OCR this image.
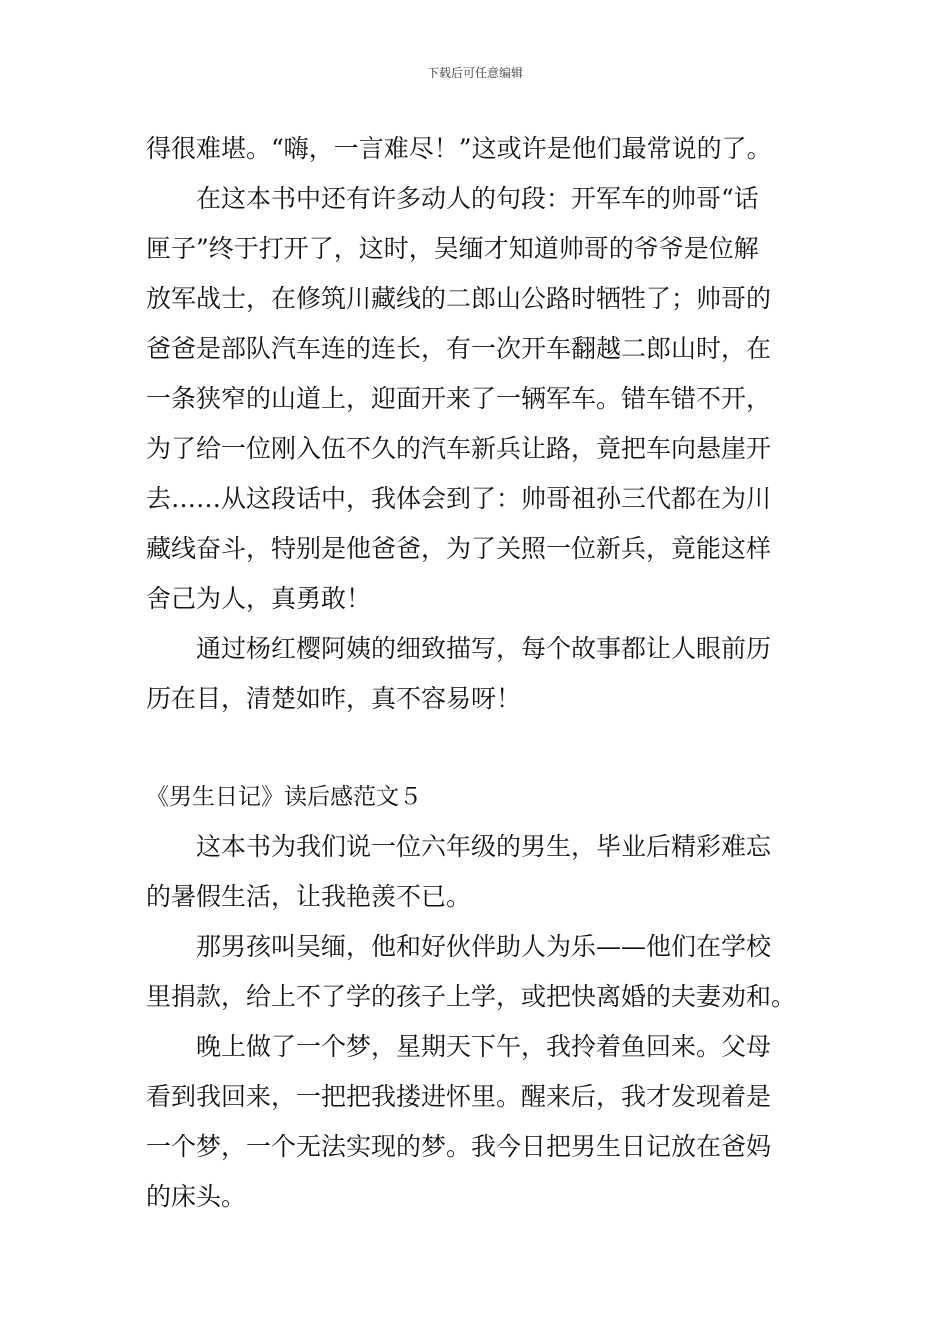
下载后可任意编辑
得很难堪。“嗨，一言难尽！”这或许是他们最常说的了。
在这本书中还有许多动人的句段：开军车的帅哥“话
匣子”终于打开了，这时，吴缅才知道帅哥的爷爷是位解
放军战士，在修筑川藏线的二郎山公路时牺牲了；帅哥的
爸爸是部队汽车连的连长，有一次开车翻越二郎山时，在
一条狭窄的山道上，迎面开来了一辆军车。错车错不开，
为了给一位刚入伍不久的汽车新兵让路，竟把车向悬崖开
去……从这段话中，我体会到了：帅哥祖孙三代都在为川
藏线奋斗，特别是他爸爸，为了关照一位新兵，竟能这样
舍己为人，真勇敢！
通过杨红樱阿姨的细致描写，每个故事都让人眼前历
历在目，清楚如昨，真不容易呀！
《男生日记》读后感范文５
这本书为我们说一位六年级的男生，毕业后精彩难忘
的暑假生活，让我艳羡不已。
那男孩叫吴缅，他和好伙伴助人为乐——他们在学校
里捐款，给上不了学的孩子上学，或把快离婚的夫妻劝和。
晚上做了一个梦，星期天下午，我拎着鱼回来。父母
看到我回来，一把把我搂进怀里。醒来后，我才发现着是
一个梦，一个无法实现的梦。我今日把男生日记放在爸妈
的床头。
